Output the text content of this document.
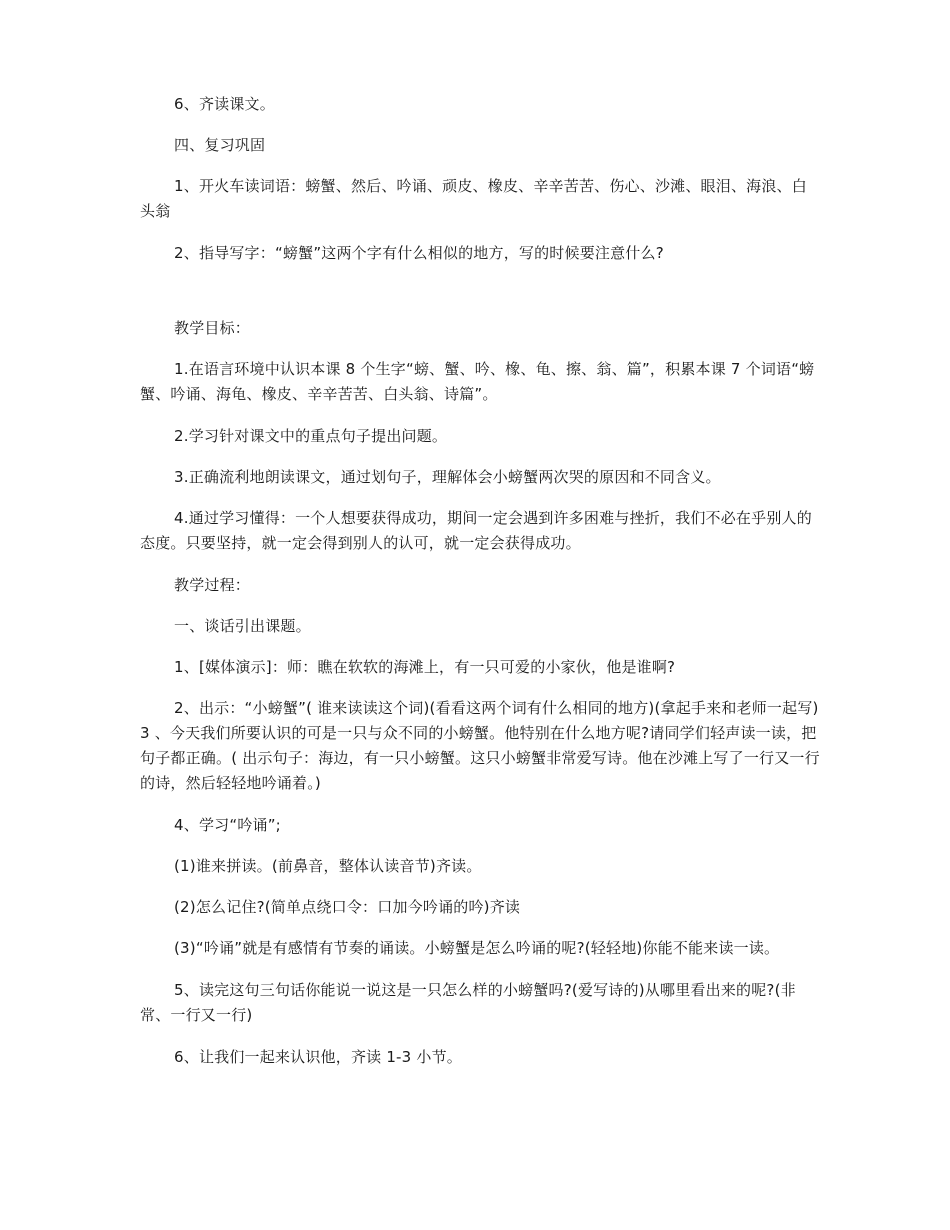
6、齐读课文。

四、复习巩固

1、开火车读词语：螃蟹、然后、吟诵、顽皮、橡皮、辛辛苦苦、伤心、沙滩、眼泪、海浪、白头翁

2、指导写字：“螃蟹”这两个字有什么相似的地方，写的时候要注意什么?

教学目标：

1.在语言环境中认识本课 8 个生字“螃、蟹、吟、橡、龟、擦、翁、篇”，积累本课 7 个词语“螃蟹、吟诵、海龟、橡皮、辛辛苦苦、白头翁、诗篇”。

2.学习针对课文中的重点句子提出问题。

3.正确流利地朗读课文，通过划句子，理解体会小螃蟹两次哭的原因和不同含义。

4.通过学习懂得：一个人想要获得成功，期间一定会遇到许多困难与挫折，我们不必在乎别人的态度。只要坚持，就一定会得到别人的认可，就一定会获得成功。

教学过程：

一、谈话引出课题。

1、[媒体演示]：师：瞧在软软的海滩上，有一只可爱的小家伙，他是谁啊?

2、出示：“小螃蟹”( 谁来读读这个词)(看看这两个词有什么相同的地方)(拿起手来和老师一起写)3 、今天我们所要认识的可是一只与众不同的小螃蟹。他特别在什么地方呢?请同学们轻声读一读，把句子都正确。( 出示句子：海边，有一只小螃蟹。这只小螃蟹非常爱写诗。他在沙滩上写了一行又一行的诗，然后轻轻地吟诵着。)

4、学习“吟诵”;

(1)谁来拼读。(前鼻音，整体认读音节)齐读。

(2)怎么记住?(简单点绕口令：口加今吟诵的吟)齐读

(3)“吟诵”就是有感情有节奏的诵读。小螃蟹是怎么吟诵的呢?(轻轻地)你能不能来读一读。

5、读完这句三句话你能说一说这是一只怎么样的小螃蟹吗?(爱写诗的)从哪里看出来的呢?(非常、一行又一行)

6、让我们一起来认识他，齐读 1-3 小节。
